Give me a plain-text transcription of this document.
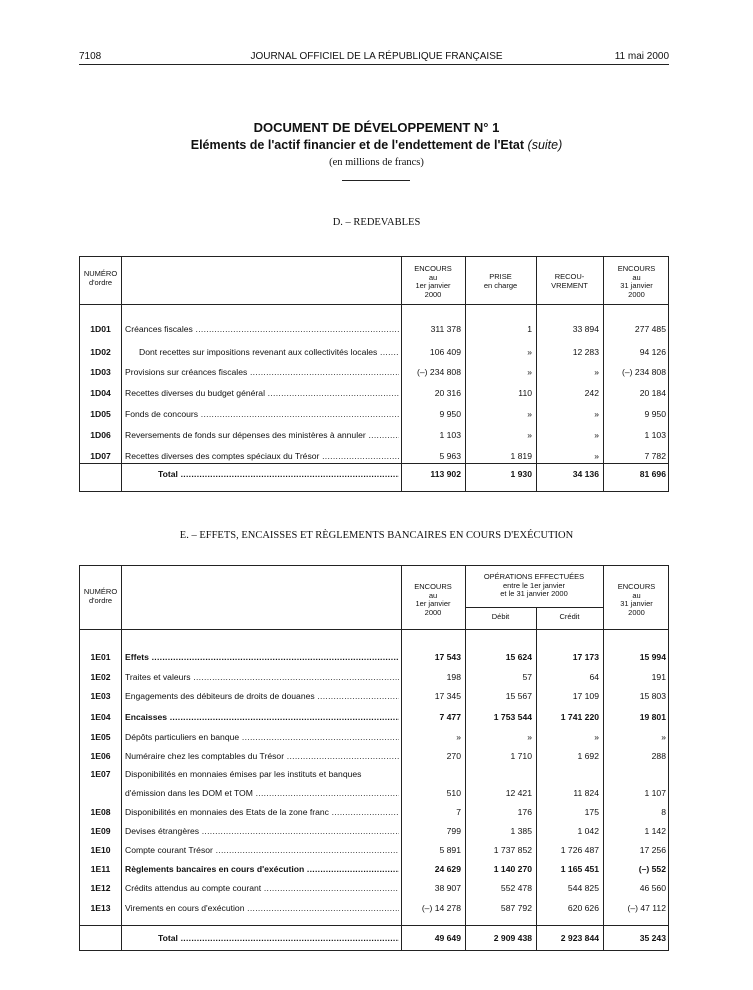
7108	JOURNAL OFFICIEL DE LA RÉPUBLIQUE FRANÇAISE	11 mai 2000
DOCUMENT DE DÉVELOPPEMENT N° 1
Eléments de l'actif financier et de l'endettement de l'Etat (suite)
(en millions de francs)
D. – REDEVABLES
NUMÉRO
d'ordre
ENCOURS
au
1er janvier
2000
PRISE
en charge
RECOU-
VREMENT
ENCOURS
au
31 janvier
2000
1D01	Créances fiscales .....	311 378	1	33 894	277 485
1D02	Dont recettes sur impositions revenant aux collectivités locales .....	106 409	»	12 283	94 126
1D03	Provisions sur créances fiscales .....	(–) 234 808	»	»	(–) 234 808
1D04	Recettes diverses du budget général .....	20 316	110	242	20 184
1D05	Fonds de concours .....	9 950	»	»	9 950
1D06	Reversements de fonds sur dépenses des ministères à annuler .....	1 103	»	»	1 103
1D07	Recettes diverses des comptes spéciaux du Trésor .....	5 963	1 819	»	7 782
Total .....	113 902	1 930	34 136	81 696
E. – EFFETS, ENCAISSES ET RÈGLEMENTS BANCAIRES EN COURS D'EXÉCUTION
NUMÉRO
d'ordre
ENCOURS
au
1er janvier
2000
OPÉRATIONS EFFECTUÉES
entre le 1er janvier
et le 31 janvier 2000
Débit	Crédit
ENCOURS
au
31 janvier
2000
1E01	Effets .....	17 543	15 624	17 173	15 994
1E02	Traites et valeurs .....	198	57	64	191
1E03	Engagements des débiteurs de droits de douanes .....	17 345	15 567	17 109	15 803
1E04	Encaisses .....	7 477	1 753 544	1 741 220	19 801
1E05	Dépôts particuliers en banque .....	»	»	»	»
1E06	Numéraire chez les comptables du Trésor .....	270	1 710	1 692	288
1E07	Disponibilités en monnaies émises par les instituts et banques
d'émission dans les DOM et TOM .....	510	12 421	11 824	1 107
1E08	Disponibilités en monnaies des Etats de la zone franc .....	7	176	175	8
1E09	Devises étrangères .....	799	1 385	1 042	1 142
1E10	Compte courant Trésor .....	5 891	1 737 852	1 726 487	17 256
1E11	Règlements bancaires en cours d'exécution .....	24 629	1 140 270	1 165 451	(–) 552
1E12	Crédits attendus au compte courant .....	38 907	552 478	544 825	46 560
1E13	Virements en cours d'exécution .....	(–) 14 278	587 792	620 626	(–) 47 112
Total .....	49 649	2 909 438	2 923 844	35 243
